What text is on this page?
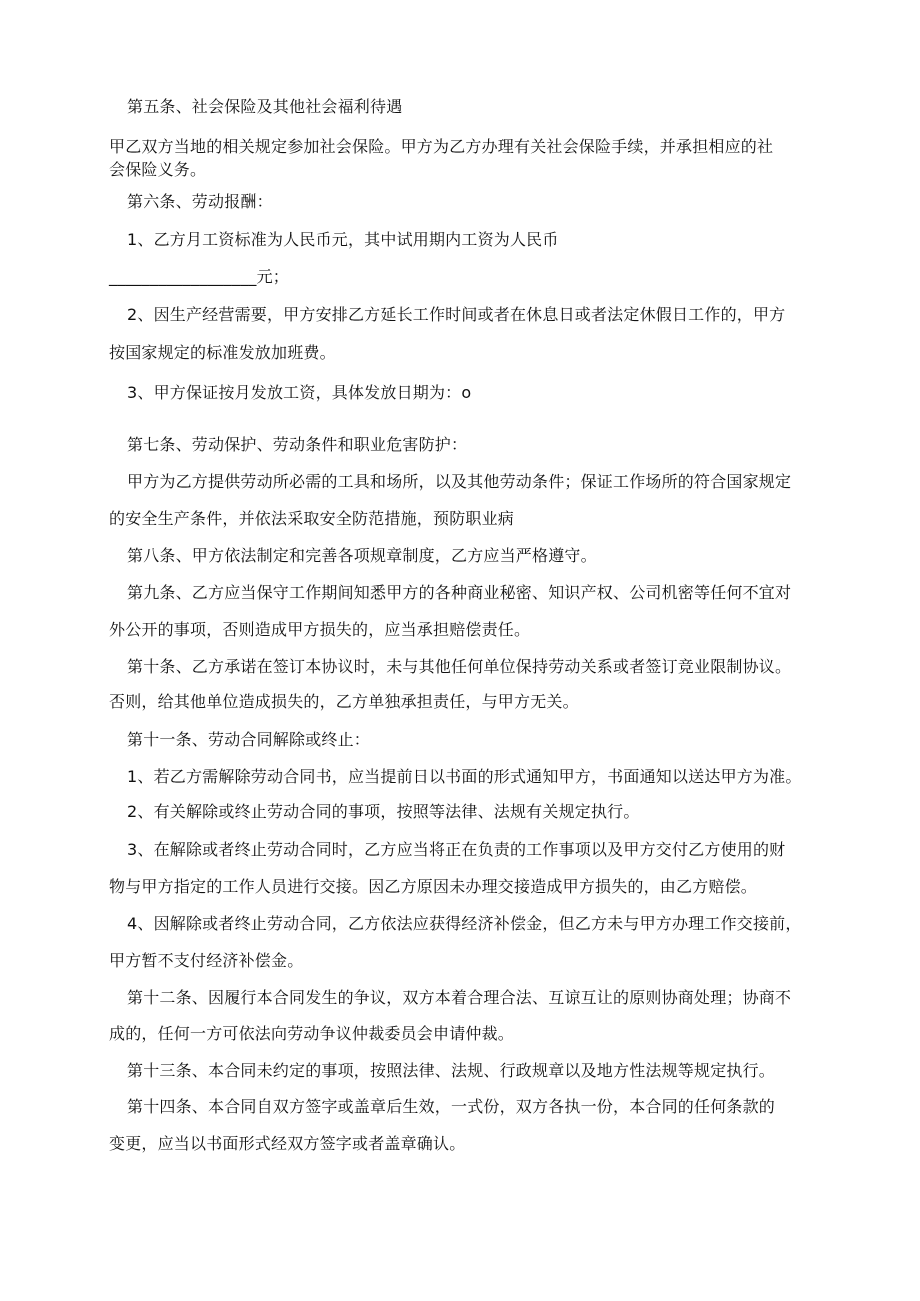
第五条、社会保险及其他社会福利待遇
甲乙双方当地的相关规定参加社会保险。甲方为乙方办理有关社会保险手续，并承担相应的社
会保险义务。
第六条、劳动报酬：
1、乙方月工资标准为人民币元，其中试用期内工资为人民币
__________________元；
2、因生产经营需要，甲方安排乙方延长工作时间或者在休息日或者法定休假日工作的，甲方
按国家规定的标准发放加班费。
3、甲方保证按月发放工资，具体发放日期为：o
第七条、劳动保护、劳动条件和职业危害防护：
甲方为乙方提供劳动所必需的工具和场所，以及其他劳动条件；保证工作场所的符合国家规定
的安全生产条件，并依法采取安全防范措施，预防职业病
第八条、甲方依法制定和完善各项规章制度，乙方应当严格遵守。
第九条、乙方应当保守工作期间知悉甲方的各种商业秘密、知识产权、公司机密等任何不宜对
外公开的事项，否则造成甲方损失的，应当承担赔偿责任。
第十条、乙方承诺在签订本协议时，未与其他任何单位保持劳动关系或者签订竞业限制协议。
否则，给其他单位造成损失的，乙方单独承担责任，与甲方无关。
第十一条、劳动合同解除或终止：
1、若乙方需解除劳动合同书，应当提前日以书面的形式通知甲方，书面通知以送达甲方为准。
2、有关解除或终止劳动合同的事项，按照等法律、法规有关规定执行。
3、在解除或者终止劳动合同时，乙方应当将正在负责的工作事项以及甲方交付乙方使用的财
物与甲方指定的工作人员进行交接。因乙方原因未办理交接造成甲方损失的，由乙方赔偿。
4、因解除或者终止劳动合同，乙方依法应获得经济补偿金，但乙方未与甲方办理工作交接前，
甲方暂不支付经济补偿金。
第十二条、因履行本合同发生的争议，双方本着合理合法、互谅互让的原则协商处理；协商不
成的，任何一方可依法向劳动争议仲裁委员会申请仲裁。
第十三条、本合同未约定的事项，按照法律、法规、行政规章以及地方性法规等规定执行。
第十四条、本合同自双方签字或盖章后生效，一式份，双方各执一份，本合同的任何条款的
变更，应当以书面形式经双方签字或者盖章确认。
